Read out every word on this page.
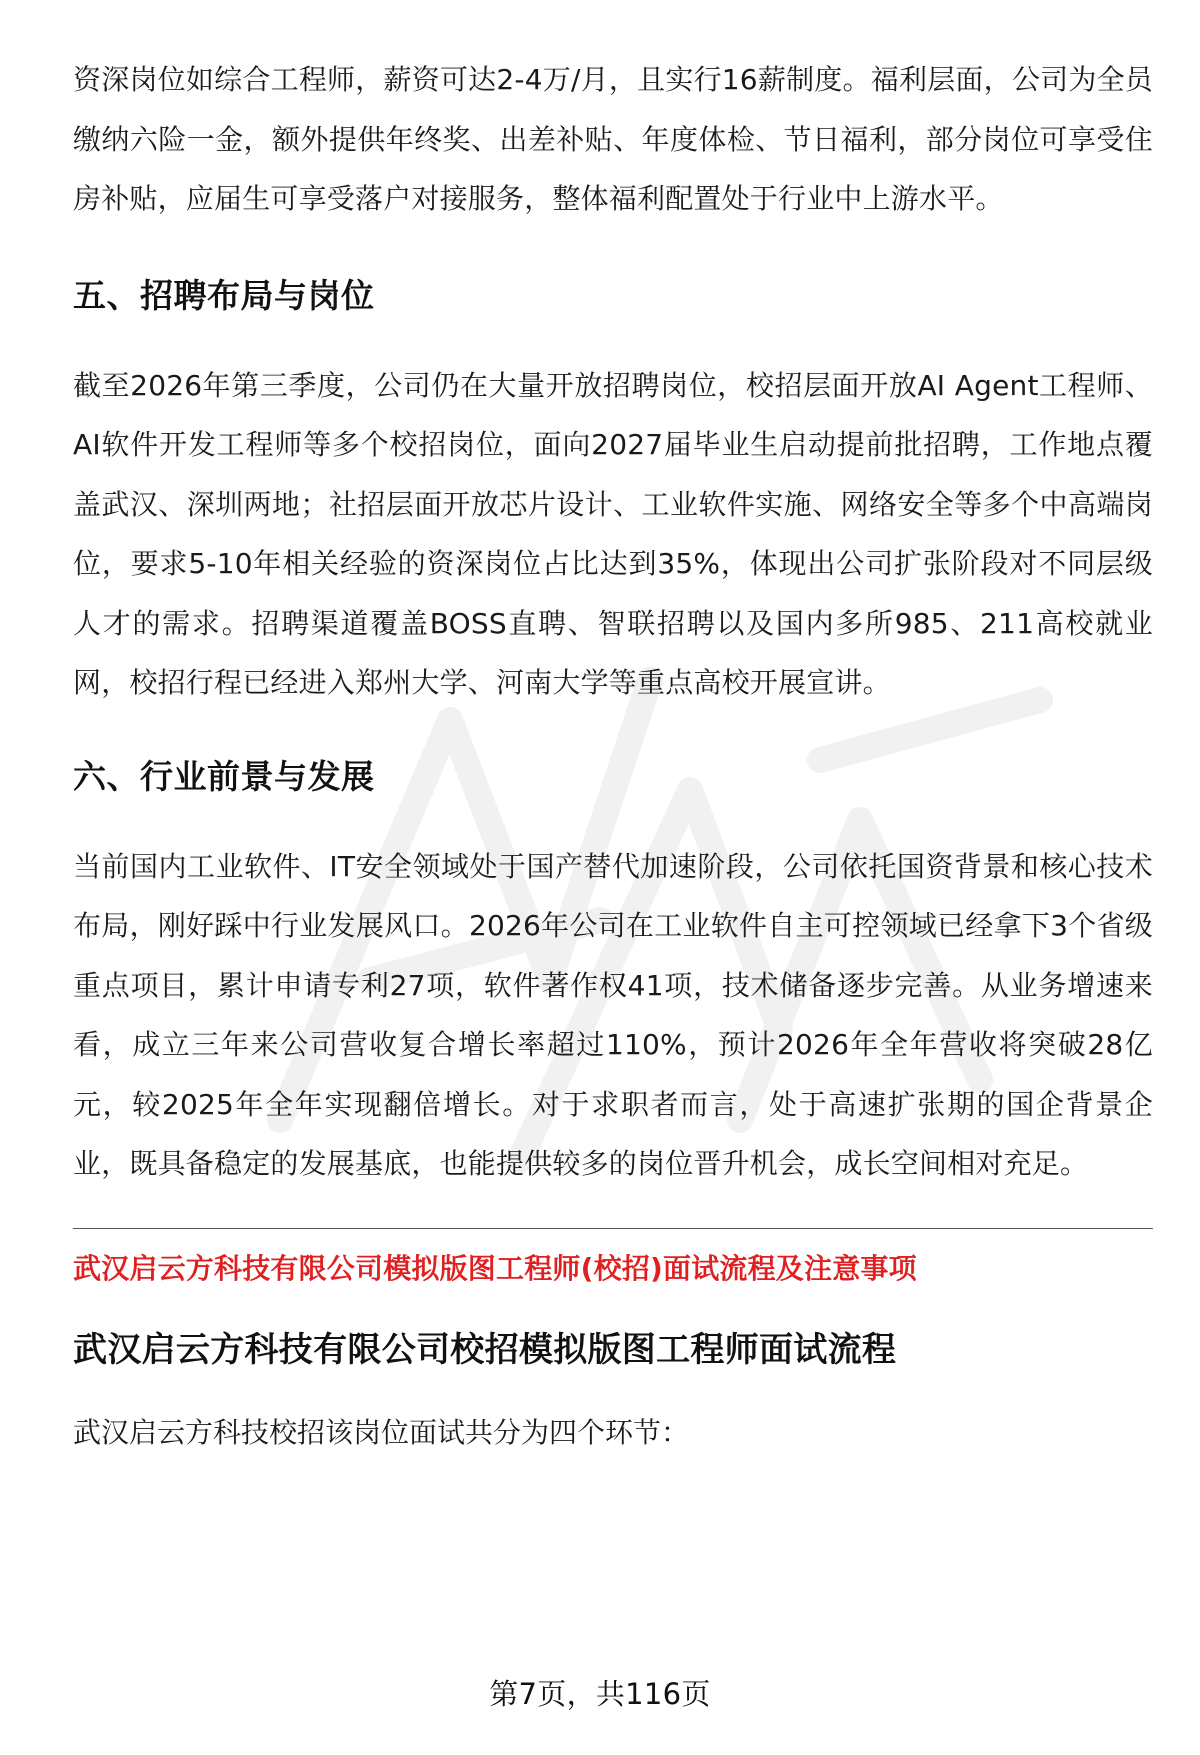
资深岗位如综合工程师，薪资可达2-4万/月，且实行16薪制度。福利层面，公司为全员缴纳六险一金，额外提供年终奖、出差补贴、年度体检、节日福利，部分岗位可享受住房补贴，应届生可享受落户对接服务，整体福利配置处于行业中上游水平。

五、招聘布局与岗位

截至2026年第三季度，公司仍在大量开放招聘岗位，校招层面开放AI Agent工程师、AI软件开发工程师等多个校招岗位，面向2027届毕业生启动提前批招聘，工作地点覆盖武汉、深圳两地；社招层面开放芯片设计、工业软件实施、网络安全等多个中高端岗位，要求5-10年相关经验的资深岗位占比达到35%，体现出公司扩张阶段对不同层级人才的需求。招聘渠道覆盖BOSS直聘、智联招聘以及国内多所985、211高校就业网，校招行程已经进入郑州大学、河南大学等重点高校开展宣讲。

六、行业前景与发展

当前国内工业软件、IT安全领域处于国产替代加速阶段，公司依托国资背景和核心技术布局，刚好踩中行业发展风口。2026年公司在工业软件自主可控领域已经拿下3个省级重点项目，累计申请专利27项，软件著作权41项，技术储备逐步完善。从业务增速来看，成立三年来公司营收复合增长率超过110%，预计2026年全年营收将突破28亿元，较2025年全年实现翻倍增长。对于求职者而言，处于高速扩张期的国企背景企业，既具备稳定的发展基底，也能提供较多的岗位晋升机会，成长空间相对充足。

武汉启云方科技有限公司模拟版图工程师(校招)面试流程及注意事项
武汉启云方科技有限公司校招模拟版图工程师面试流程

武汉启云方科技校招该岗位面试共分为四个环节：

第7页，共116页
